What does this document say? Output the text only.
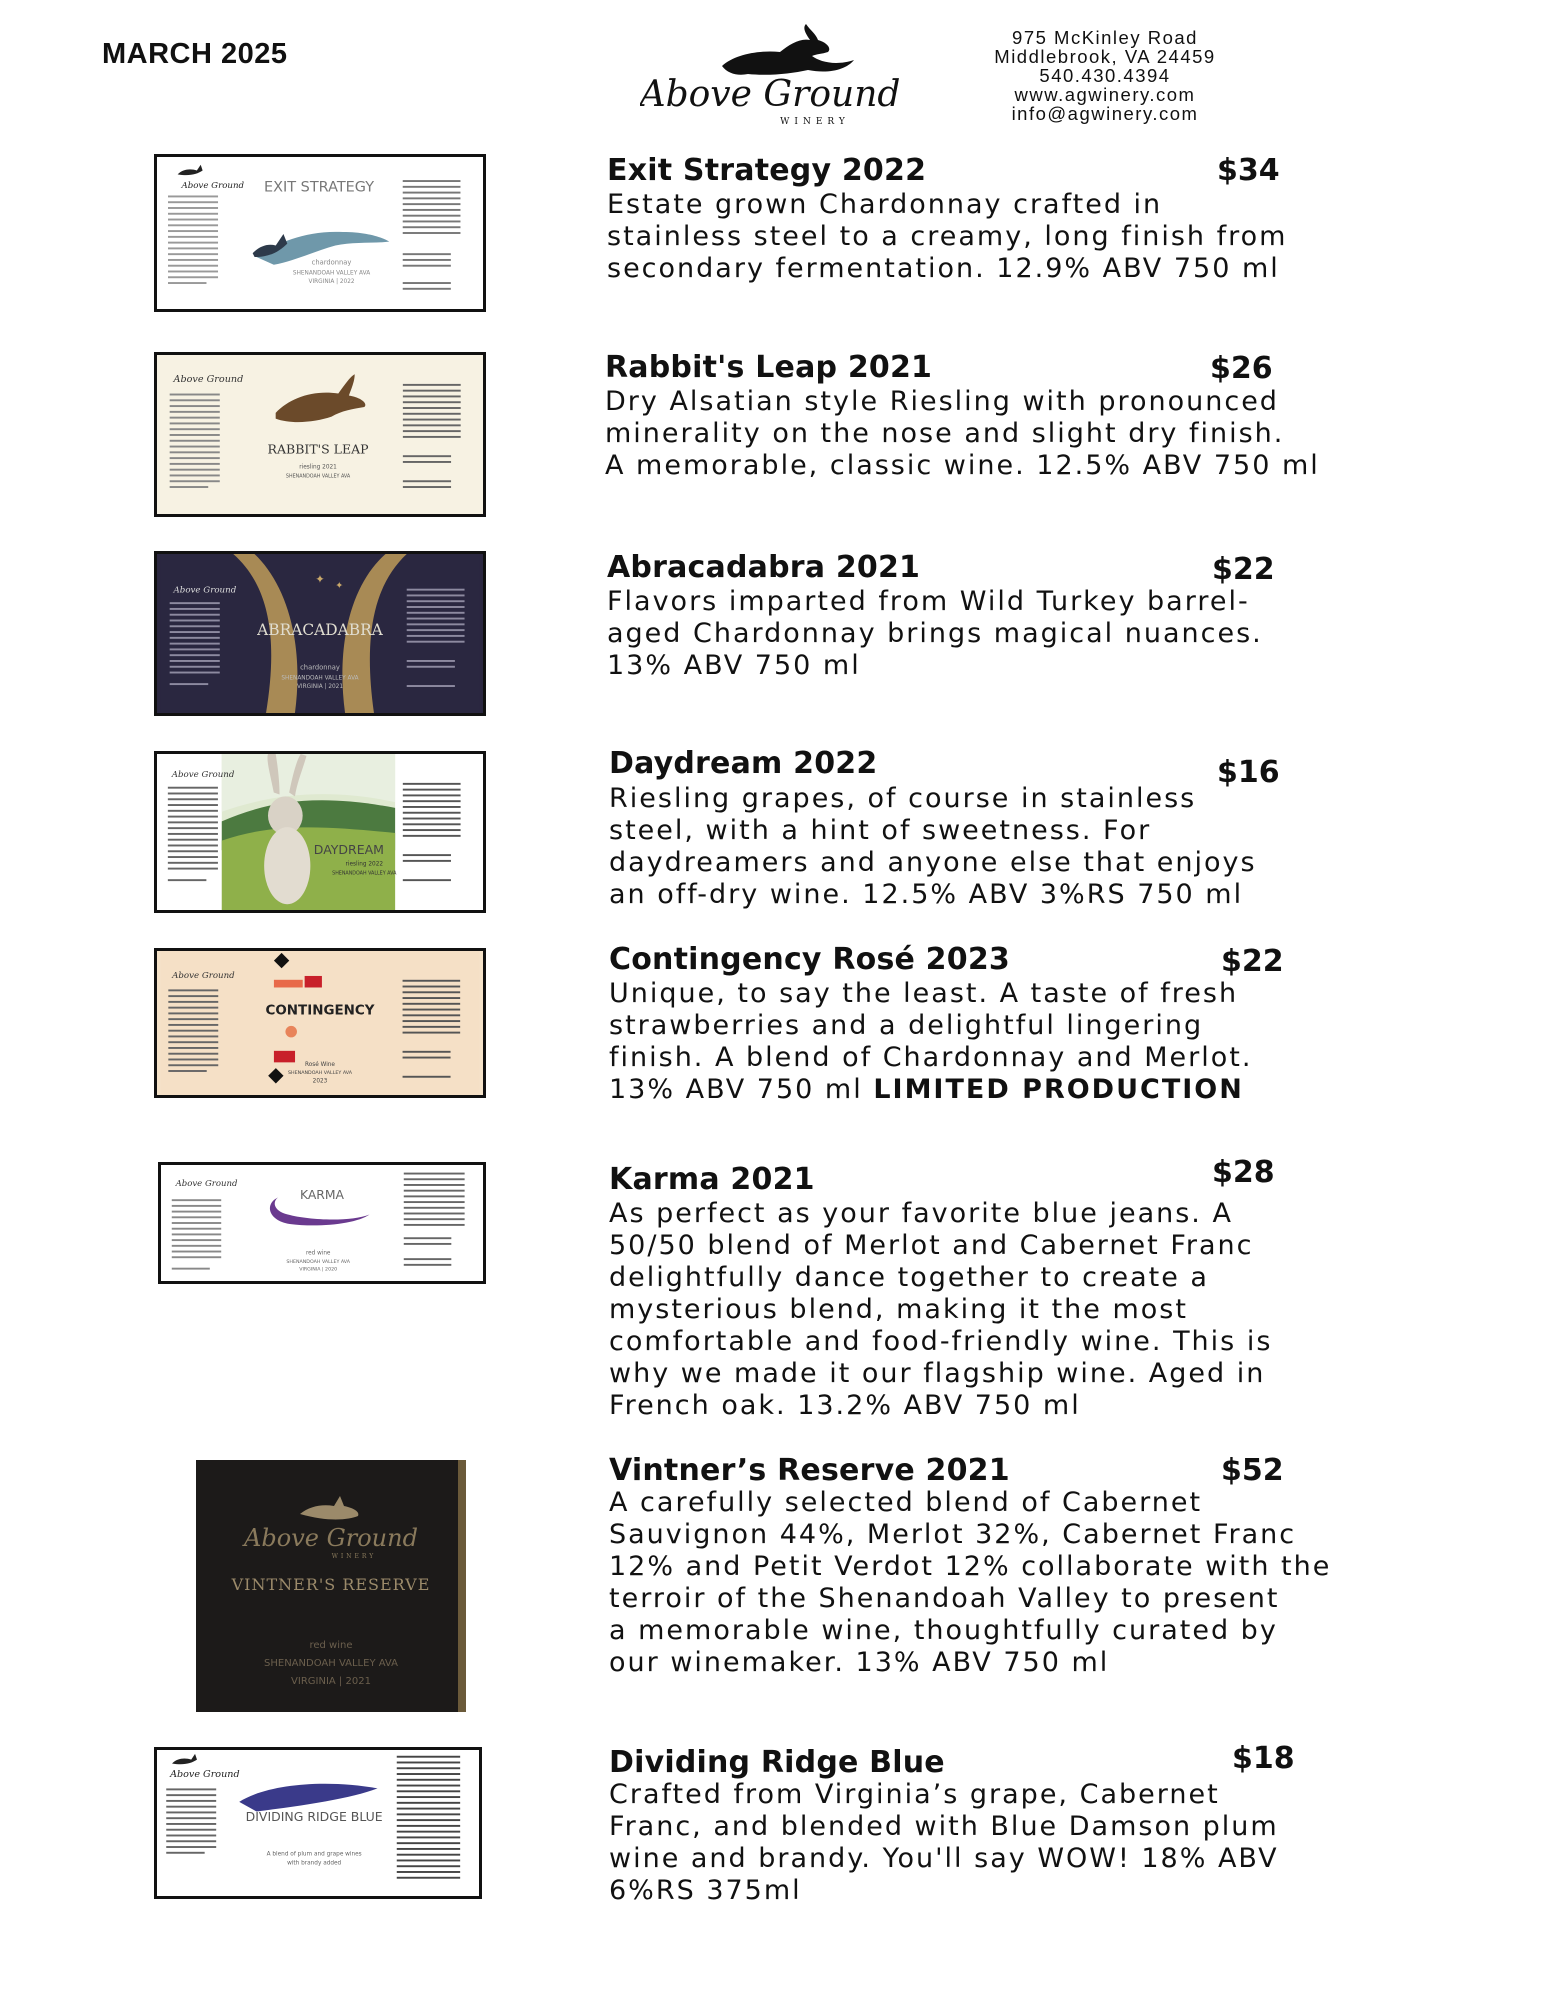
MARCH 2025
Above Ground
WINERY
975 McKinley Road
Middlebrook, VA 24459
540.430.4394
www.agwinery.com
info@agwinery.com
Above Ground EXIT STRATEGY
chardonnay
SHENANDOAH VALLEY AVA
VIRGINIA | 2022
Exit Strategy 2022	$34
Estate grown Chardonnay crafted in
stainless steel to a creamy, long finish from
secondary fermentation. 12.9% ABV 750 ml
Above Ground
RABBIT'S LEAP
riesling 2021
SHENANDOAH VALLEY AVA
Rabbit's Leap 2021	$26
Dry Alsatian style Riesling with pronounced
minerality on the nose and slight dry finish.
A memorable, classic wine. 12.5% ABV 750 ml
Above Ground
✦
✦
ABRACADABRA
chardonnay
SHENANDOAH VALLEY AVA
VIRGINIA | 2021
Abracadabra 2021	$22
Flavors imparted from Wild Turkey barrel-
aged Chardonnay brings magical nuances.
13% ABV 750 ml
Above Ground
DAYDREAM
riesling 2022
SHENANDOAH VALLEY AVA
Daydream 2022	$16
Riesling grapes, of course in stainless
steel, with a hint of sweetness. For
daydreamers and anyone else that enjoys
an off-dry wine. 12.5% ABV 3%RS 750 ml
Above Ground
CONTINGENCY
Rosé Wine
SHENANDOAH VALLEY AVA
2023
Contingency Rosé 2023	$22
Unique, to say the least. A taste of fresh
strawberries and a delightful lingering
finish. A blend of Chardonnay and Merlot.
13% ABV 750 ml LIMITED PRODUCTION
Above Ground
KARMA
red wine
SHENANDOAH VALLEY AVA
VIRGINIA | 2020
Karma 2021	$28
As perfect as your favorite blue jeans. A
50/50 blend of Merlot and Cabernet Franc
delightfully dance together to create a
mysterious blend, making it the most
comfortable and food-friendly wine. This is
why we made it our flagship wine. Aged in
French oak. 13.2% ABV 750 ml
Above Ground
WINERY
VINTNER'S RESERVE
red wine
SHENANDOAH VALLEY AVA
VIRGINIA | 2021
Vintner’s Reserve 2021	$52
A carefully selected blend of Cabernet
Sauvignon 44%, Merlot 32%, Cabernet Franc
12% and Petit Verdot 12% collaborate with the
terroir of the Shenandoah Valley to present
a memorable wine, thoughtfully curated by
our winemaker. 13% ABV 750 ml
Above Ground
DIVIDING RIDGE BLUE
A blend of plum and grape wines
with brandy added
Dividing Ridge Blue	$18
Crafted from Virginia’s grape, Cabernet
Franc, and blended with Blue Damson plum
wine and brandy. You'll say WOW! 18% ABV
6%RS 375ml
